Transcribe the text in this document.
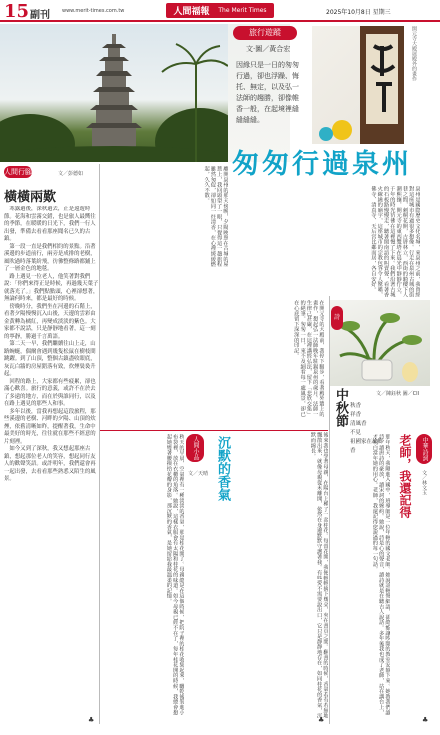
15 副刊 www.merit-times.com.tw	人間福報 The Merit Times	2025年10月8日 星期三
旅行遊蹤
文‧圖／黃合宏
因緣只是一日的匆匆行過，卻也浮躁、悔托、無定，以及弘一法師的趨勝，卻像帷香一般，在起境裡縫縫縫縫。
開元寺大殿展殿外的畫作
匆匆行過泉州
泉州是國際歷史文化名城，來泉州之前，我曾經對這座城市有過很多想像。行走在泉州古城的街巷之間，刺桐花開，古厝林立，西街的騎樓下人潮熙攘，開元寺的東西雙塔在晨光中靜靜佇立，千年的時光彷彿在這裡慢了下來。我們沿著古城的石板路慢慢走，聽著閩南語的叫賣聲，看著香火繚繞的廟宇，這座城市的宗教包容令人驚嘆，佛寺、清真寺、天后宮比鄰而居，各自安好。
在開元寺的大殿前，我停下腳步，看著殿外牆上的畫作，想起弘一法師晚年駐錫泉州的歲月。法師一生律己甚嚴，在這裡講經弘法，留下「悲欣交集」的絕筆。匆匆一日，來不及細看每一處風景，卻已在心底留下深深的印記。
離開泉州的那天傍晚，夕陽映照在古城的屋簷上，我回頭望了一眼，只覺得這一趟旅程雖然匆促，卻如同一炷清香，在心裡緩緩燃起，久久不散。
人間行腳	文／彭德如
橫橫兩歎

寒露過後，深秋過去，正是遠遊時節。花海和雲霧交錯，也是旅人最嚮往的季節，在暖暖的日光下，我們一行人出發，準備去看看那座聞名已久的古鎮。

第一段一直是我們相約的景點。沿著溪邊的步道前行，兩旁是成排的老樹，風吹過時落葉紛飛，彷彿整條路都鋪上了一層金色的地毯。

路上遇見一位老人，他笑著對我們說：「你們來得正是時候，再過幾天葉子就落光了。」我們點點頭，心裡卻想著，無論何時來，都是最好的時候。

傍晚時分，我們坐在河邊的石階上，看著夕陽慢慢沉入山後，天邊的雲彩由金黃轉為橘紅，再變成淡淡的紫色。大家都不說話，只是靜靜地看著，這一刻的寧靜，勝過千言萬語。

第二天一早，我們繼續往山上走，山路蜿蜒，偶爾會遇到幾隻松鼠在樹枝間跳躍。到了山頂，整個古鎮盡收眼底，灰瓦白牆的房屋錯落有致，炊煙裊裊升起。

回程的路上，大家都有些疲累，卻也滿心歡喜。旅行的意義，或許不在於去了多遠的地方，而在於與誰同行，以及在路上遇見的那些人和事。

多年以後，當我再想起這段旅程，那些溪邊的老樹、河畔的夕陽、山頂的炊煙，依舊清晰如昨，提醒著我，生命中最美好的時光，往往就在那些不經意的片刻裡。

如今又到了深秋，我又想起那座古鎮，想起那位老人的笑容，想起同行友人的歡聲笑語。或許明年，我們還會再一起出發，去看看那些熟悉又陌生的風景。

♣
詩
中秋節	文／陳鈺秋 圖／CII
秋香
祥香
清風香
不見
祖國家在故鄉
香
人間小品	沉默的香氣
文／天晴
秋天的早晨，空氣裡有一種淡淡的香氣，那是桂花開了。母親總是在這個時候，把院子裡的桂花收集起來，曬乾後裝進小布袋裡，放在衣櫃的角落。她說，這樣衣服會有太陽和桂花的味道。如今母親已經不在了，每年桂花開的時候，我總會想起她彎著腰撿拾花瓣的身影，那沉默的香氣，是她留給我最溫柔的記憶。	後來我也學著母親，在陽台上種了一盆桂花。每當花開，我便輕輕摘下幾朵，夾在書頁之間。翻書的時候，香氣若有若無地飄散出來，就像母親從未離開，依然在身邊默默守護著我。有些愛不需要說出口，它只是靜靜地存在，如同桂花的香氣，沉默而綿長。
♣
中華詩詞
老師，我還記得	文／林文玉
那年秋天，我剛進入國中，班導師是一位年輕的國文老師。她說話輕聲細語，卻總能讓吵鬧的教室安靜下來。她教我們讀詩，讀唐詩的豪放，讀宋詞的婉約。她說，詩是心的聲音，讀詩就是在聽古人說話。多年後我也成了老師，站在講台上，才明白當年她的用心。老師，我還記得您說過的每一句話。
♣
